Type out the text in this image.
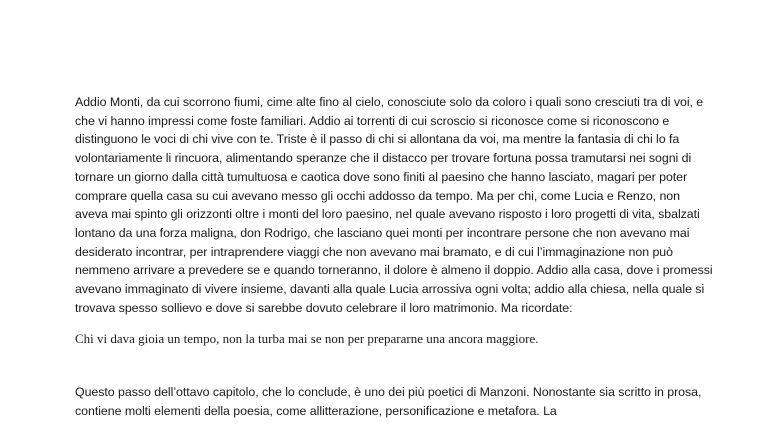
Addio Monti, da cui scorrono fiumi, cime alte fino al cielo, conosciute solo da coloro i quali sono cresciuti tra di voi, e che vi hanno impressi come foste familiari. Addio ai torrenti di cui scroscio si riconosce come si riconoscono e distinguono le voci di chi vive con te. Triste è il passo di chi si allontana da voi, ma mentre la fantasia di chi lo fa volontariamente li rincuora, alimentando speranze che il distacco per trovare fortuna possa tramutarsi nei sogni di tornare un giorno dalla città tumultuosa e caotica dove sono finiti al paesino che hanno lasciato, magari per poter comprare quella casa su cui avevano messo gli occhi addosso da tempo. Ma per chi, come Lucia e Renzo, non aveva mai spinto gli orizzonti oltre i monti del loro paesino, nel quale avevano risposto i loro progetti di vita, sbalzati lontano da una forza maligna, don Rodrigo, che lasciano quei monti per incontrare persone che non avevano mai desiderato incontrar, per intraprendere viaggi che non avevano mai bramato, e di cui l’immaginazione non può nemmeno arrivare a prevedere se e quando torneranno, il dolore è almeno il doppio. Addio alla casa, dove i promessi avevano immaginato di vivere insieme, davanti alla quale Lucia arrossiva ogni volta; addio alla chiesa, nella quale si trovava spesso sollievo e dove si sarebbe dovuto celebrare il loro matrimonio. Ma ricordate:

Chi vi dava gioia un tempo, non la turba mai se non per prepararne una ancora maggiore.

Questo passo dell’ottavo capitolo, che lo conclude, è uno dei più poetici di Manzoni. Nonostante sia scritto in prosa, contiene molti elementi della poesia, come allitterazione, personificazione e metafora. La
